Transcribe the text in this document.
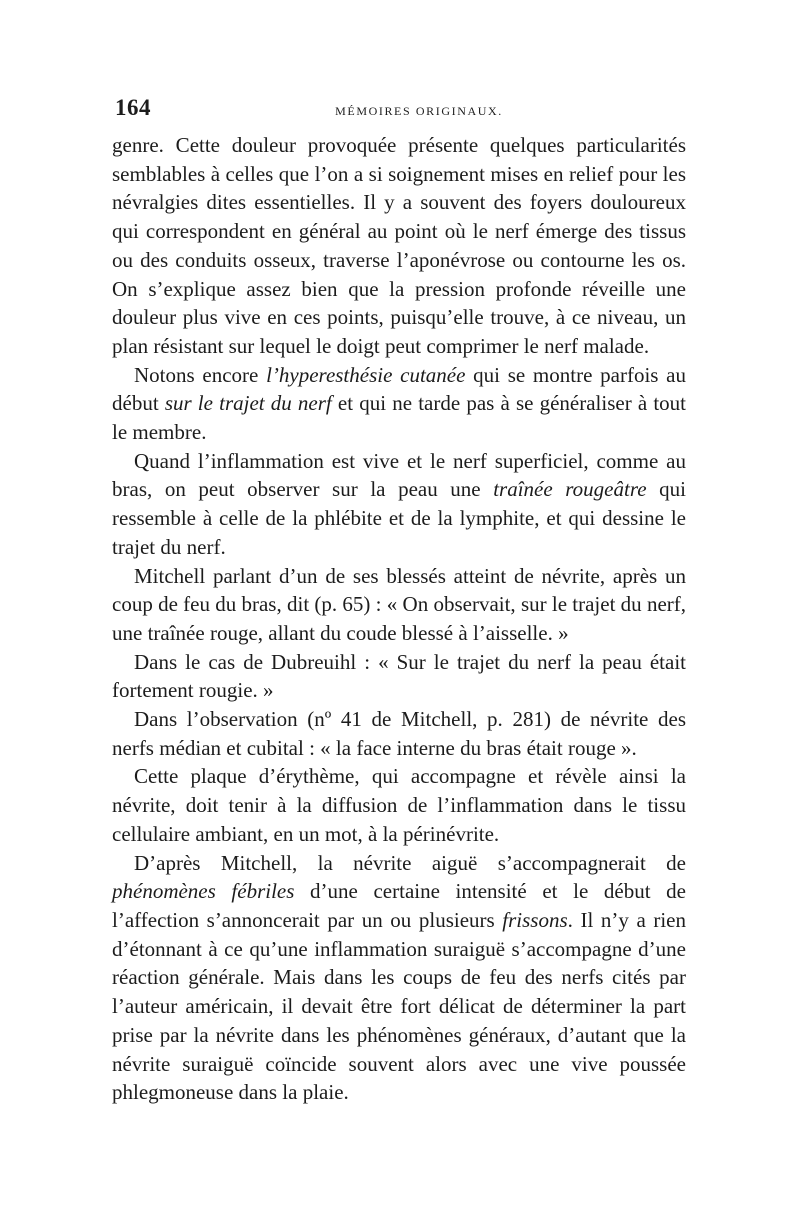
164	MÉMOIRES ORIGINAUX.

genre. Cette douleur provoquée présente quelques particularités semblables à celles que l’on a si soignement mises en relief pour les névralgies dites essentielles. Il y a souvent des foyers douloureux qui correspondent en général au point où le nerf émerge des tissus ou des conduits osseux, traverse l’aponévrose ou contourne les os. On s’explique assez bien que la pression profonde réveille une douleur plus vive en ces points, puisqu’elle trouve, à ce niveau, un plan résistant sur lequel le doigt peut comprimer le nerf malade.

Notons encore l’hyperesthésie cutanée qui se montre parfois au début sur le trajet du nerf et qui ne tarde pas à se généraliser à tout le membre.

Quand l’inflammation est vive et le nerf superficiel, comme au bras, on peut observer sur la peau une traînée rougeâtre qui ressemble à celle de la phlébite et de la lymphite, et qui dessine le trajet du nerf.

Mitchell parlant d’un de ses blessés atteint de névrite, après un coup de feu du bras, dit (p. 65) : « On observait, sur le trajet du nerf, une traînée rouge, allant du coude blessé à l’aisselle. »

Dans le cas de Dubreuihl : « Sur le trajet du nerf la peau était fortement rougie. »

Dans l’observation (nº 41 de Mitchell, p. 281) de névrite des nerfs médian et cubital : « la face interne du bras était rouge ».

Cette plaque d’érythème, qui accompagne et révèle ainsi la névrite, doit tenir à la diffusion de l’inflammation dans le tissu cellulaire ambiant, en un mot, à la périnévrite.

D’après Mitchell, la névrite aiguë s’accompagnerait de phénomènes fébriles d’une certaine intensité et le début de l’affection s’annoncerait par un ou plusieurs frissons. Il n’y a rien d’étonnant à ce qu’une inflammation suraiguë s’accompagne d’une réaction générale. Mais dans les coups de feu des nerfs cités par l’auteur américain, il devait être fort délicat de déterminer la part prise par la névrite dans les phénomènes généraux, d’autant que la névrite suraiguë coïncide souvent alors avec une vive poussée phlegmoneuse dans la plaie.
